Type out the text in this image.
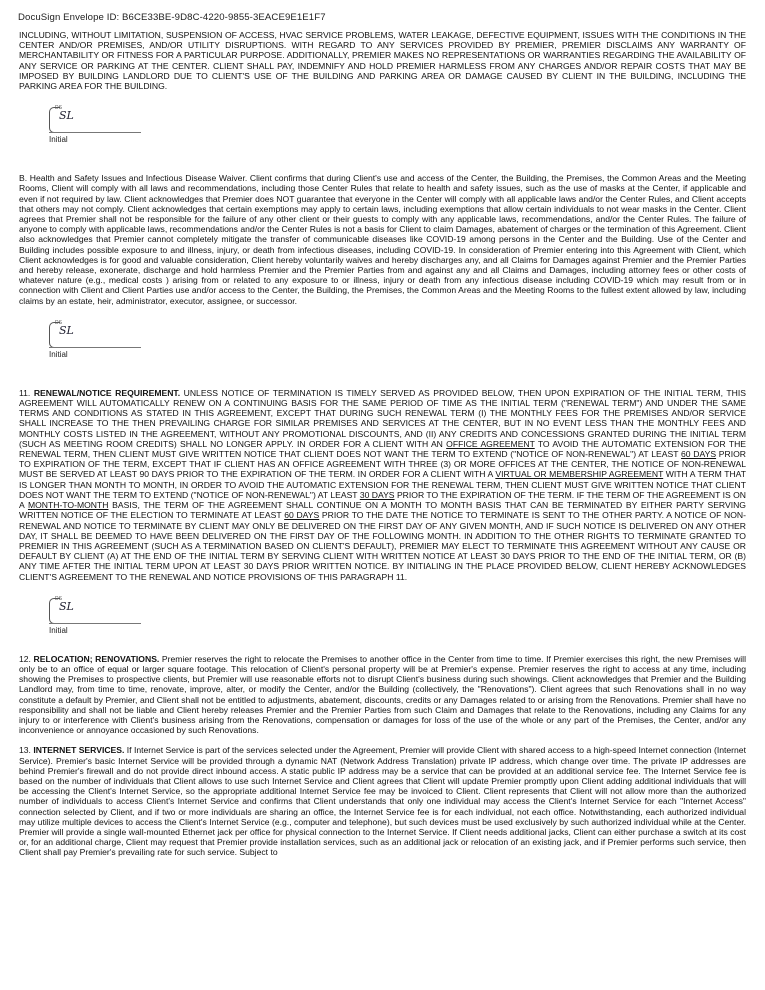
DocuSign Envelope ID: B6CE33BE-9D8C-4220-9855-3EACE9E1E1F7

INCLUDING, WITHOUT LIMITATION, SUSPENSION OF ACCESS, HVAC SERVICE PROBLEMS, WATER LEAKAGE, DEFECTIVE EQUIPMENT, ISSUES WITH THE CONDITIONS IN THE CENTER AND/OR PREMISES, AND/OR UTILITY DISRUPTIONS. WITH REGARD TO ANY SERVICES PROVIDED BY PREMIER, PREMIER DISCLAIMS ANY WARRANTY OF MERCHANTABILITY OR FITNESS FOR A PARTICULAR PURPOSE. ADDITIONALLY, PREMIER MAKES NO REPRESENTATIONS OR WARRANTIES REGARDING THE AVAILABILITY OF ANY SERVICE OR PARKING AT THE CENTER. CLIENT SHALL PAY, INDEMNIFY AND HOLD PREMIER HARMLESS FROM ANY CHARGES AND/OR REPAIR COSTS THAT MAY BE IMPOSED BY BUILDING LANDLORD DUE TO CLIENT'S USE OF THE BUILDING AND PARKING AREA OR DAMAGE CAUSED BY CLIENT IN THE BUILDING, INCLUDING THE PARKING AREA FOR THE BUILDING.

DS
SL
Initial

B. Health and Safety Issues and Infectious Disease Waiver. Client confirms that during Client's use and access of the Center, the Building, the Premises, the Common Areas and the Meeting Rooms, Client will comply with all laws and recommendations, including those Center Rules that relate to health and safety issues, such as the use of masks at the Center, if applicable and even if not required by law. Client acknowledges that Premier does NOT guarantee that everyone in the Center will comply with all applicable laws and/or the Center Rules, and Client accepts that others may not comply. Client acknowledges that certain exemptions may apply to certain laws, including exemptions that allow certain individuals to not wear masks in the Center. Client agrees that Premier shall not be responsible for the failure of any other client or their guests to comply with any applicable laws, recommendations, and/or the Center Rules. The failure of anyone to comply with applicable laws, recommendations and/or the Center Rules is not a basis for Client to claim Damages, abatement of charges or the termination of this Agreement. Client also acknowledges that Premier cannot completely mitigate the transfer of communicable diseases like COVID-19 among persons in the Center and the Building. Use of the Center and Building includes possible exposure to and illness, injury, or death from infectious diseases, including COVID-19. In consideration of Premier entering into this Agreement with Client, which Client acknowledges is for good and valuable consideration, Client hereby voluntarily waives and hereby discharges any, and all Claims for Damages against Premier and the Premier Parties and hereby release, exonerate, discharge and hold harmless Premier and the Premier Parties from and against any and all Claims and Damages, including attorney fees or other costs of whatever nature (e.g., medical costs ) arising from or related to any exposure to or illness, injury or death from any infectious disease including COVID-19 which may result from or in connection with Client and Client Parties use and/or access to the Center, the Building, the Premises, the Common Areas and the Meeting Rooms to the fullest extent allowed by law, including claims by an estate, heir, administrator, executor, assignee, or successor.

DS
SL
Initial

11. RENEWAL/NOTICE REQUIREMENT. UNLESS NOTICE OF TERMINATION IS TIMELY SERVED AS PROVIDED BELOW, THEN UPON EXPIRATION OF THE INITIAL TERM, THIS AGREEMENT WILL AUTOMATICALLY RENEW ON A CONTINUING BASIS FOR THE SAME PERIOD OF TIME AS THE INITIAL TERM ("RENEWAL TERM") AND UNDER THE SAME TERMS AND CONDITIONS AS STATED IN THIS AGREEMENT, EXCEPT THAT DURING SUCH RENEWAL TERM (I) THE MONTHLY FEES FOR THE PREMISES AND/OR SERVICE SHALL INCREASE TO THE THEN PREVAILING CHARGE FOR SIMILAR PREMISES AND SERVICES AT THE CENTER, BUT IN NO EVENT LESS THAN THE MONTHLY FEES AND MONTHLY COSTS LISTED IN THE AGREEMENT, WITHOUT ANY PROMOTIONAL DISCOUNTS, AND (II) ANY CREDITS AND CONCESSIONS GRANTED DURING THE INITIAL TERM (SUCH AS MEETING ROOM CREDITS) SHALL NO LONGER APPLY. IN ORDER FOR A CLIENT WITH AN OFFICE AGREEMENT TO AVOID THE AUTOMATIC EXTENSION FOR THE RENEWAL TERM, THEN CLIENT MUST GIVE WRITTEN NOTICE THAT CLIENT DOES NOT WANT THE TERM TO EXTEND ("NOTICE OF NON-RENEWAL") AT LEAST 60 DAYS PRIOR TO EXPIRATION OF THE TERM, EXCEPT THAT IF CLIENT HAS AN OFFICE AGREEMENT WITH THREE (3) OR MORE OFFICES AT THE CENTER, THE NOTICE OF NON-RENEWAL MUST BE SERVED AT LEAST 90 DAYS PRIOR TO THE EXPIRATION OF THE TERM. IN ORDER FOR A CLIENT WITH A VIRTUAL OR MEMBERSHIP AGREEMENT WITH A TERM THAT IS LONGER THAN MONTH TO MONTH, IN ORDER TO AVOID THE AUTOMATIC EXTENSION FOR THE RENEWAL TERM, THEN CLIENT MUST GIVE WRITTEN NOTICE THAT CLIENT DOES NOT WANT THE TERM TO EXTEND ("NOTICE OF NON-RENEWAL") AT LEAST 30 DAYS PRIOR TO THE EXPIRATION OF THE TERM. IF THE TERM OF THE AGREEMENT IS ON A MONTH-TO-MONTH BASIS, THE TERM OF THE AGREEMENT SHALL CONTINUE ON A MONTH TO MONTH BASIS THAT CAN BE TERMINATED BY EITHER PARTY SERVING WRITTEN NOTICE OF THE ELECTION TO TERMINATE AT LEAST 60 DAYS PRIOR TO THE DATE THE NOTICE TO TERMINATE IS SENT TO THE OTHER PARTY. A NOTICE OF NON-RENEWAL AND NOTICE TO TERMINATE BY CLIENT MAY ONLY BE DELIVERED ON THE FIRST DAY OF ANY GIVEN MONTH, AND IF SUCH NOTICE IS DELIVERED ON ANY OTHER DAY, IT SHALL BE DEEMED TO HAVE BEEN DELIVERED ON THE FIRST DAY OF THE FOLLOWING MONTH. IN ADDITION TO THE OTHER RIGHTS TO TERMINATE GRANTED TO PREMIER IN THIS AGREEMENT (SUCH AS A TERMINATION BASED ON CLIENT'S DEFAULT), PREMIER MAY ELECT TO TERMINATE THIS AGREEMENT WITHOUT ANY CAUSE OR DEFAULT BY CLIENT (A) AT THE END OF THE INITIAL TERM BY SERVING CLIENT WITH WRITTEN NOTICE AT LEAST 30 DAYS PRIOR TO THE END OF THE INITIAL TERM, OR (B) ANY TIME AFTER THE INITIAL TERM UPON AT LEAST 30 DAYS PRIOR WRITTEN NOTICE. BY INITIALING IN THE PLACE PROVIDED BELOW, CLIENT HEREBY ACKNOWLEDGES CLIENT'S AGREEMENT TO THE RENEWAL AND NOTICE PROVISIONS OF THIS PARAGRAPH 11.

DS
SL
Initial

12. RELOCATION; RENOVATIONS. Premier reserves the right to relocate the Premises to another office in the Center from time to time. If Premier exercises this right, the new Premises will only be to an office of equal or larger square footage. This relocation of Client's personal property will be at Premier's expense. Premier reserves the right to access at any time, including showing the Premises to prospective clients, but Premier will use reasonable efforts not to disrupt Client's business during such showings. Client acknowledges that Premier and the Building Landlord may, from time to time, renovate, improve, alter, or modify the Center, and/or the Building (collectively, the "Renovations"). Client agrees that such Renovations shall in no way constitute a default by Premier, and Client shall not be entitled to adjustments, abatement, discounts, credits or any Damages related to or arising from the Renovations. Premier shall have no responsibility and shall not be liable and Client hereby releases Premier and the Premier Parties from such Claim and Damages that relate to the Renovations, including any Claims for any injury to or interference with Client's business arising from the Renovations, compensation or damages for loss of the use of the whole or any part of the Premises, the Center, and/or any inconvenience or annoyance occasioned by such Renovations.

13. INTERNET SERVICES. If Internet Service is part of the services selected under the Agreement, Premier will provide Client with shared access to a high-speed Internet connection (Internet Service). Premier's basic Internet Service will be provided through a dynamic NAT (Network Address Translation) private IP address, which change over time. The private IP addresses are behind Premier's firewall and do not provide direct inbound access. A static public IP address may be a service that can be provided at an additional service fee. The Internet Service fee is based on the number of individuals that Client allows to use such Internet Service and Client agrees that Client will update Premier promptly upon Client adding additional individuals that will be accessing the Client's Internet Service, so the appropriate additional Internet Service fee may be invoiced to Client. Client represents that Client will not allow more than the authorized number of individuals to access Client's Internet Service and confirms that Client understands that only one individual may access the Client's Internet Service for each "Internet Access" connection selected by Client, and if two or more individuals are sharing an office, the Internet Service fee is for each individual, not each office. Notwithstanding, each authorized individual may utilize multiple devices to access the Client's Internet Service (e.g., computer and telephone), but such devices must be used exclusively by such authorized individual while at the Center. Premier will provide a single wall-mounted Ethernet jack per office for physical connection to the Internet Service. If Client needs additional jacks, Client can either purchase a switch at its cost or, for an additional charge, Client may request that Premier provide installation services, such as an additional jack or relocation of an existing jack, and if Premier performs such service, then Client shall pay Premier's prevailing rate for such service. Subject to
